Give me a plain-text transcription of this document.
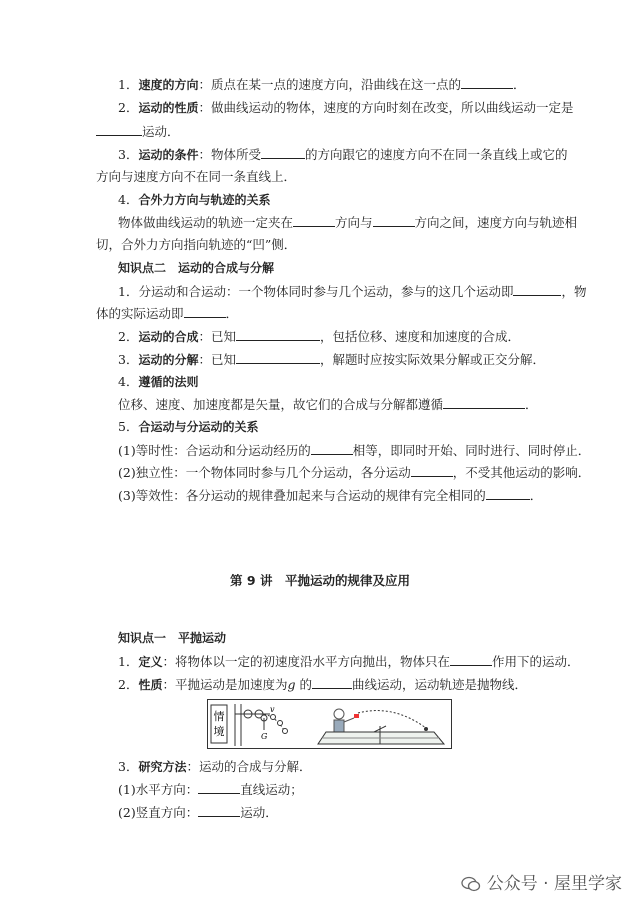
1．速度的方向：质点在某一点的速度方向，沿曲线在这一点的	．
2．运动的性质：做曲线运动的物体，速度的方向时刻在改变，所以曲线运动一定是
运动．
3．运动的条件：物体所受	的方向跟它的速度方向不在同一条直线上或它的
方向与速度方向不在同一条直线上．
4．合外力方向与轨迹的关系
物体做曲线运动的轨迹一定夹在	方向与	方向之间，速度方向与轨迹相
切，合外力方向指向轨迹的“凹”侧．
知识点二　运动的合成与分解
1．分运动和合运动：一个物体同时参与几个运动，参与的这几个运动即	，物
体的实际运动即	．
2．运动的合成：已知	，包括位移、速度和加速度的合成．
3．运动的分解：已知	，解题时应按实际效果分解或正交分解．
4．遵循的法则
位移、速度、加速度都是矢量，故它们的合成与分解都遵循	．
5．合运动与分运动的关系
(1)等时性：合运动和分运动经历的	相等，即同时开始、同时进行、同时停止．
(2)独立性：一个物体同时参与几个分运动，各分运动	，不受其他运动的影响．
(3)等效性：各分运动的规律叠加起来与合运动的规律有完全相同的	．
第 9 讲　平抛运动的规律及应用
知识点一　平抛运动
1．定义：将物体以一定的初速度沿水平方向抛出，物体只在	作用下的运动．
2．性质：平抛运动是加速度为g 的	曲线运动，运动轨迹是抛物线．
情
境	G
v
3．研究方法：运动的合成与分解．
(1)水平方向：	直线运动；
(2)竖直方向：	运动．
公众号 · 屋里学家
